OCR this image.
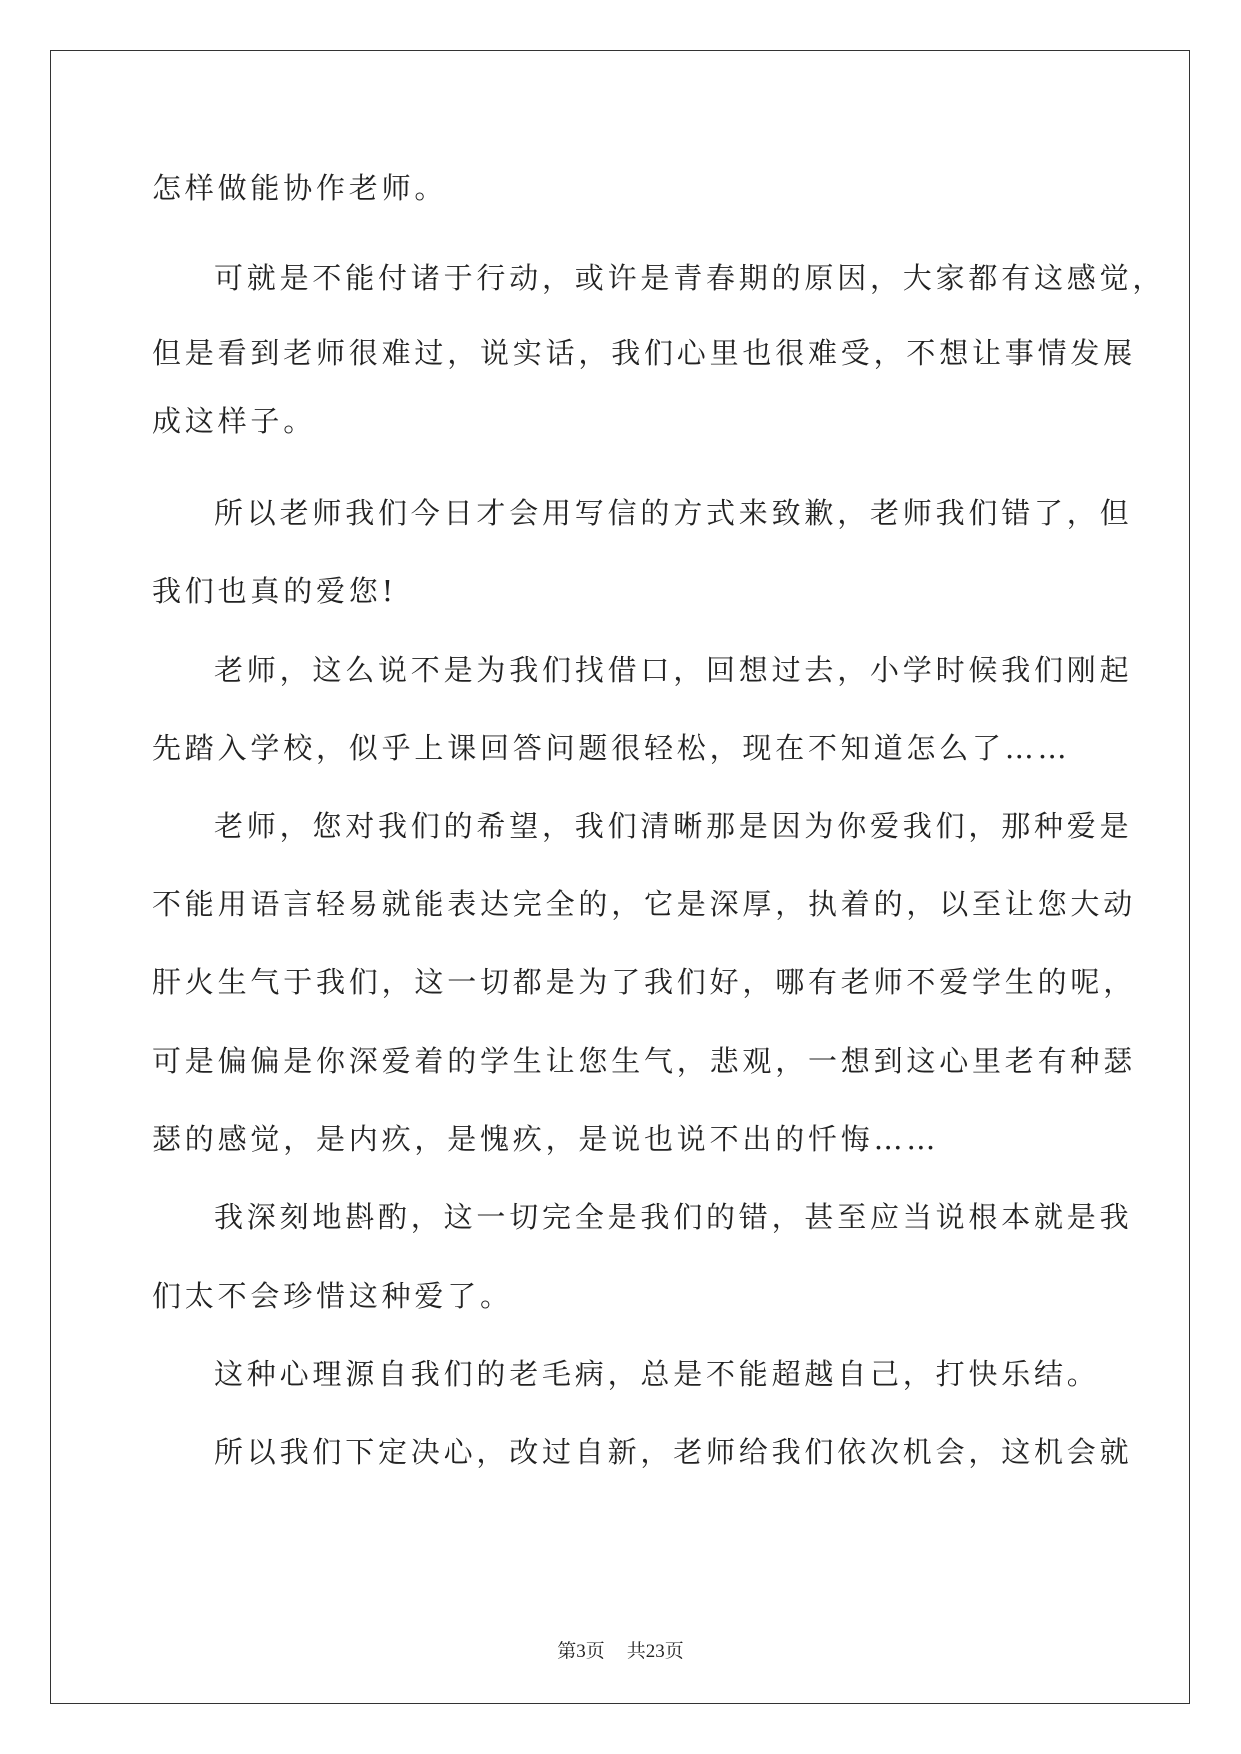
怎样做能协作老师。
可就是不能付诸于行动，或许是青春期的原因，大家都有这感觉，
但是看到老师很难过，说实话，我们心里也很难受，不想让事情发展
成这样子。
所以老师我们今日才会用写信的方式来致歉，老师我们错了，但
我们也真的爱您!
老师，这么说不是为我们找借口，回想过去，小学时候我们刚起
先踏入学校，似乎上课回答问题很轻松，现在不知道怎么了……
老师，您对我们的希望，我们清晰那是因为你爱我们，那种爱是
不能用语言轻易就能表达完全的，它是深厚，执着的，以至让您大动
肝火生气于我们，这一切都是为了我们好，哪有老师不爱学生的呢，
可是偏偏是你深爱着的学生让您生气，悲观，一想到这心里老有种瑟
瑟的感觉，是内疚，是愧疚，是说也说不出的忏悔……
我深刻地斟酌，这一切完全是我们的错，甚至应当说根本就是我
们太不会珍惜这种爱了。
这种心理源自我们的老毛病，总是不能超越自己，打快乐结。
所以我们下定决心，改过自新，老师给我们依次机会，这机会就
第3页 共23页
